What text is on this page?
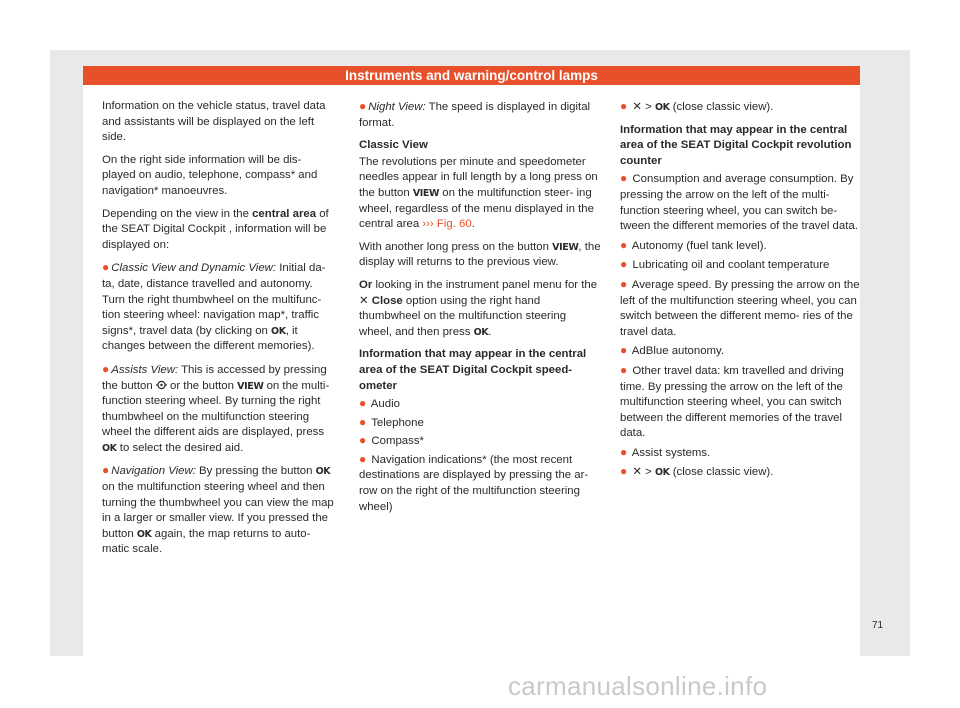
Instruments and warning/control lamps

Information on the vehicle status, travel data and assistants will be displayed on the left side.

On the right side information will be dis- played on audio, telephone, compass* and navigation* manoeuvres.

Depending on the view in the central area of the SEAT Digital Cockpit , information will be displayed on:

● Classic View and Dynamic View: Initial da- ta, date, distance travelled and autonomy. Turn the right thumbwheel on the multifunc- tion steering wheel: navigation map*, traffic signs*, travel data (by clicking on OK, it changes between the different memories).

● Assists View: This is accessed by pressing the button  or the button VIEW on the multi- function steering wheel. By turning the right thumbwheel on the multifunction steering wheel the different aids are displayed, press OK to select the desired aid.

● Navigation View: By pressing the button OK on the multifunction steering wheel and then turning the thumbwheel you can view the map in a larger or smaller view. If you pressed the button OK again, the map returns to auto- matic scale.

● Night View: The speed is displayed in digital format.

Classic View

The revolutions per minute and speedometer needles appear in full length by a long press on the button VIEW on the multifunction steer- ing wheel, regardless of the menu displayed in the central area ››› Fig. 60.

With another long press on the button VIEW, the display will returns to the previous view.

Or looking in the instrument panel menu for the ✕ Close option using the right hand thumbwheel on the multifunction steering wheel, and then press OK.

Information that may appear in the central area of the SEAT Digital Cockpit speed- ometer

● Audio

● Telephone

● Compass*

● Navigation indications* (the most recent destinations are displayed by pressing the ar- row on the right of the multifunction steering wheel)

● ✕ > OK (close classic view).

Information that may appear in the central area of the SEAT Digital Cockpit revolution counter

● Consumption and average consumption. By pressing the arrow on the left of the multi- function steering wheel, you can switch be- tween the different memories of the travel data.

● Autonomy (fuel tank level).

● Lubricating oil and coolant temperature

● Average speed. By pressing the arrow on the left of the multifunction steering wheel, you can switch between the different memo- ries of the travel data.

● AdBlue autonomy.

● Other travel data: km travelled and driving time. By pressing the arrow on the left of the multifunction steering wheel, you can switch between the different memories of the travel data.

● Assist systems.

● ✕ > OK (close classic view).

71
carmanualsonline.info
